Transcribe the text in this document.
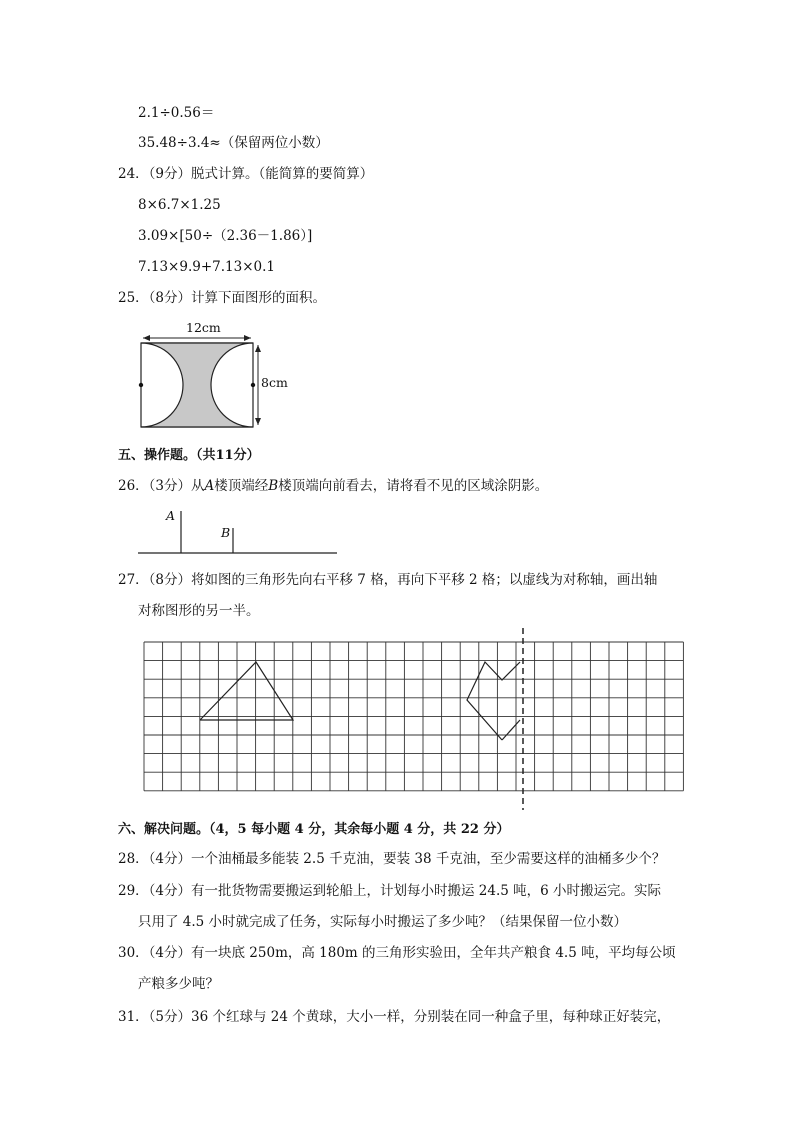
2.1÷0.56＝
35.48÷3.4≈（保留两位小数）
24．（9分）脱式计算。（能简算的要简算）
8×6.7×1.25
3.09×[50÷（2.36－1.86）]
7.13×9.9+7.13×0.1
25．（8分）计算下面图形的面积。
12cm
8cm
五、操作题。（共11分）
26．（3分）从A楼顶端经B楼顶端向前看去，请将看不见的区域涂阴影。
A
B
27．（8分）将如图的三角形先向右平移 7 格，再向下平移 2 格；以虚线为对称轴，画出轴
对称图形的另一半。
六、解决问题。（4，5 每小题 4 分，其余每小题 4 分，共 22 分）
28．（4分）一个油桶最多能装 2.5 千克油，要装 38 千克油，至少需要这样的油桶多少个？
29．（4分）有一批货物需要搬运到轮船上，计划每小时搬运 24.5 吨，6 小时搬运完。实际
只用了 4.5 小时就完成了任务，实际每小时搬运了多少吨？（结果保留一位小数）
30．（4分）有一块底 250m，高 180m 的三角形实验田，全年共产粮食 4.5 吨，平均每公顷
产粮多少吨？
31．（5分）36 个红球与 24 个黄球，大小一样，分别装在同一种盒子里，每种球正好装完，
